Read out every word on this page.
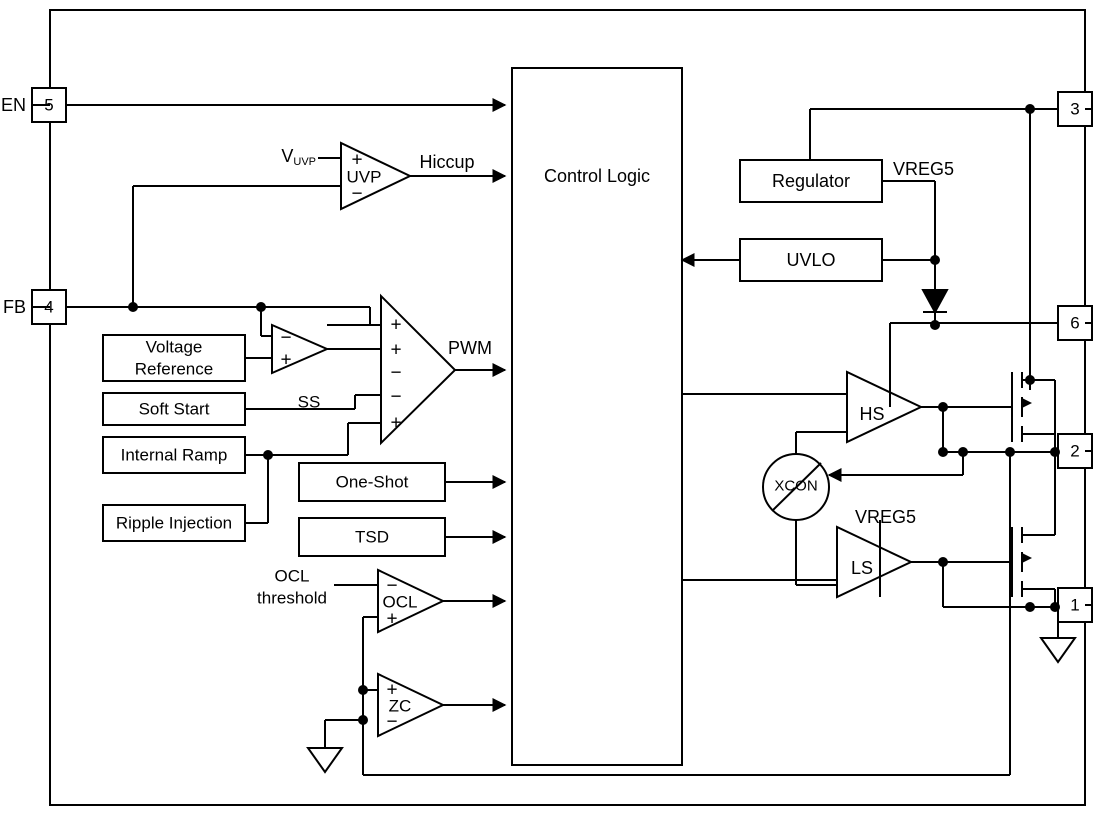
EN 5
FB 4
3
6
2
1
Control Logic	Regulator
UVLO
Voltage
Reference
Soft Start
Internal Ramp
Ripple Injection
One-Shot
TSD
XCON
UVP
OCL
ZC
HS
LS
Hiccup
PWM
SS
VREG5
VREG5
$V_{UVP}$
OCL
threshold
+
−
−
+
+
+
−
−
+
−
+
+
−
